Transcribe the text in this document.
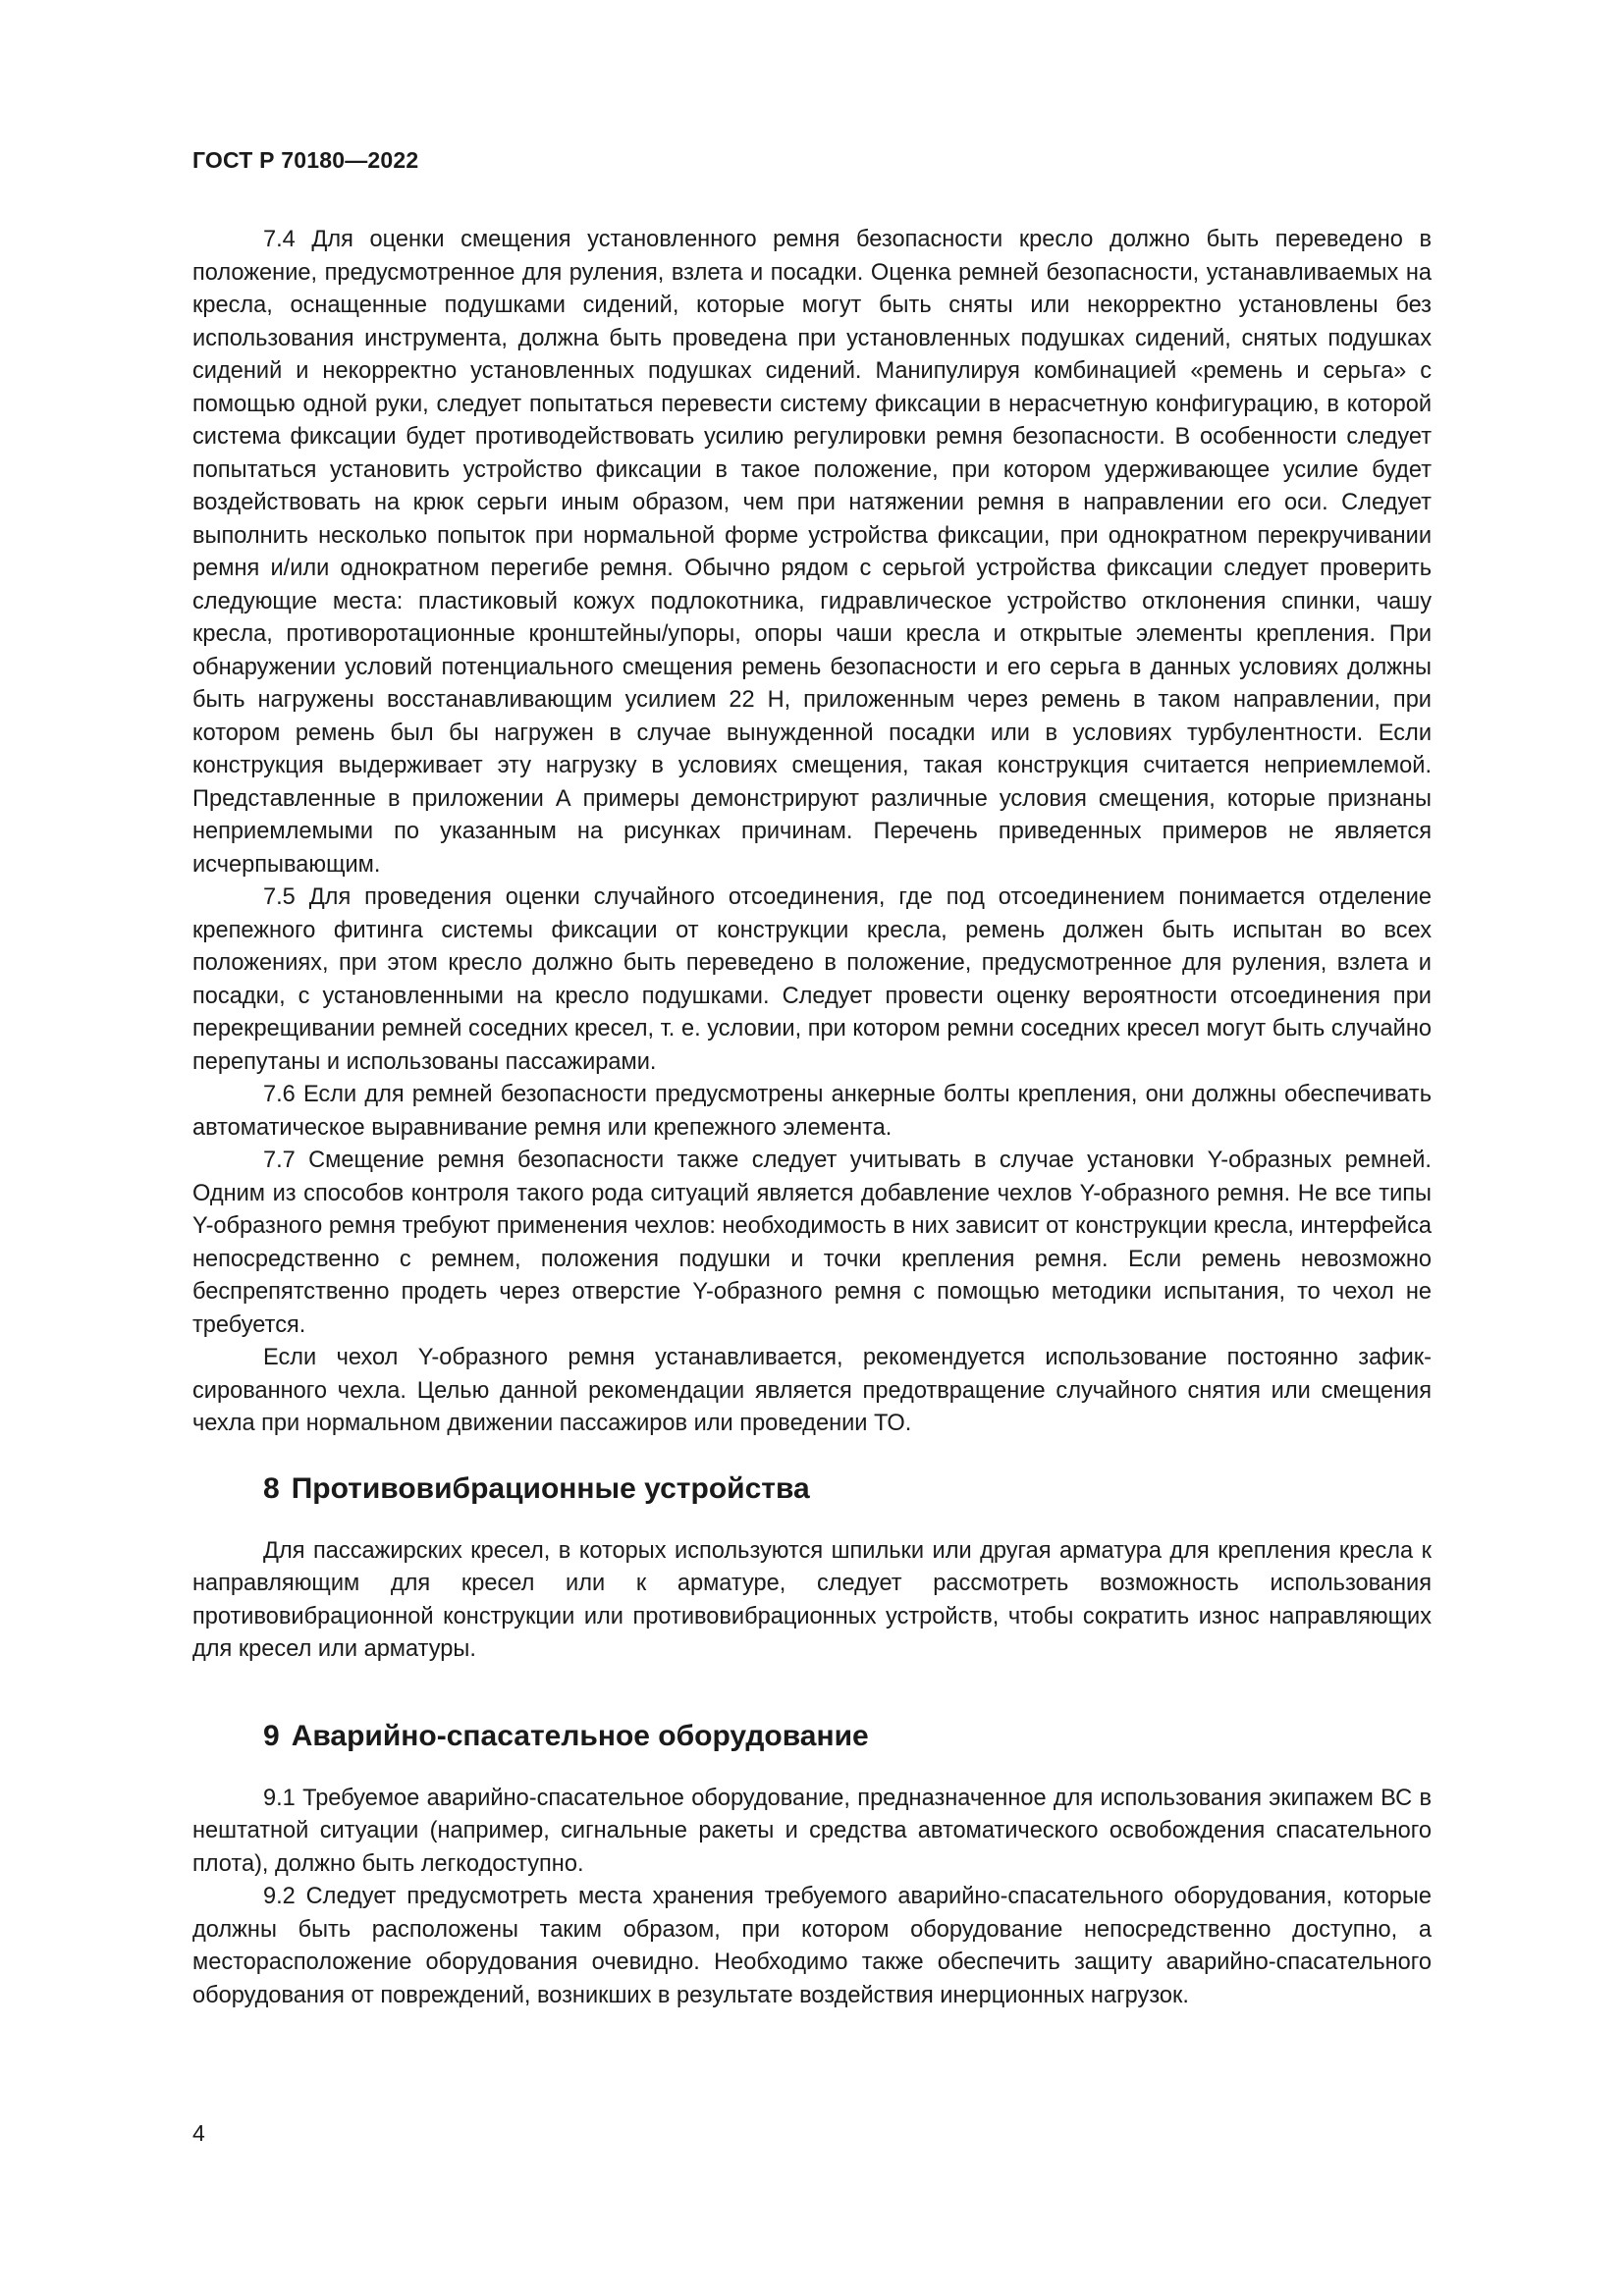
ГОСТ Р 70180—2022

7.4 Для оценки смещения установленного ремня безопасности кресло должно быть переведено в положение, предусмотренное для руления, взлета и посадки. Оценка ремней безопасности, устанавливаемых на кресла, оснащенные подушками сидений, которые могут быть сняты или некорректно установлены без использования инструмента, должна быть проведена при установленных подушках сидений, снятых подушках сидений и некорректно установленных подушках сидений. Манипулируя комбинацией «ремень и серьга» с помощью одной руки, следует попытаться перевести систему фиксации в нерасчетную конфигурацию, в которой система фиксации будет противодействовать усилию регулировки ремня безопасности. В особенности следует попытаться установить устройство фиксации в такое положение, при котором удерживающее усилие будет воздействовать на крюк серьги иным образом, чем при натяжении ремня в направлении его оси. Следует выполнить несколько попыток при нормальной форме устройства фиксации, при однократном перекручивании ремня и/или однократном перегибе ремня. Обычно рядом с серьгой устройства фиксации следует проверить следующие места: пластиковый кожух подлокотника, гидравлическое устройство отклонения спинки, чашу кресла, противоротационные кронштейны/упоры, опоры чаши кресла и открытые элементы крепления. При обнаружении условий потенциального смещения ремень безопасности и его серьга в данных условиях должны быть нагружены восстанавливающим усилием 22 Н, приложенным через ремень в таком направлении, при котором ремень был бы нагружен в случае вынужденной посадки или в условиях турбулентности. Если конструкция выдерживает эту нагрузку в условиях смещения, такая конструкция считается неприемлемой. Представленные в приложении А примеры демонстрируют различные условия смещения, которые признаны неприемлемыми по указанным на рисунках причинам. Перечень приведенных примеров не является исчерпывающим.

7.5 Для проведения оценки случайного отсоединения, где под отсоединением понимается отделение крепежного фитинга системы фиксации от конструкции кресла, ремень должен быть испытан во всех положениях, при этом кресло должно быть переведено в положение, предусмотренное для руления, взлета и посадки, с установленными на кресло подушками. Следует провести оценку вероятности отсоединения при перекрещивании ремней соседних кресел, т. е. условии, при котором ремни соседних кресел могут быть случайно перепутаны и использованы пассажирами.

7.6 Если для ремней безопасности предусмотрены анкерные болты крепления, они должны обеспечивать автоматическое выравнивание ремня или крепежного элемента.

7.7 Смещение ремня безопасности также следует учитывать в случае установки Y-образных ремней. Одним из способов контроля такого рода ситуаций является добавление чехлов Y-образного ремня. Не все типы Y-образного ремня требуют применения чехлов: необходимость в них зависит от конструкции кресла, интерфейса непосредственно с ремнем, положения подушки и точки крепления ремня. Если ремень невозможно беспрепятственно продеть через отверстие Y-образного ремня с помощью методики испытания, то чехол не требуется.

Если чехол Y-образного ремня устанавливается, рекомендуется использование постоянно зафиксированного чехла. Целью данной рекомендации является предотвращение случайного снятия или смещения чехла при нормальном движении пассажиров или проведении ТО.

8 Противовибрационные устройства

Для пассажирских кресел, в которых используются шпильки или другая арматура для крепления кресла к направляющим для кресел или к арматуре, следует рассмотреть возможность использования противовибрационной конструкции или противовибрационных устройств, чтобы сократить износ направляющих для кресел или арматуры.

9 Аварийно-спасательное оборудование

9.1 Требуемое аварийно-спасательное оборудование, предназначенное для использования экипажем ВС в нештатной ситуации (например, сигнальные ракеты и средства автоматического освобождения спасательного плота), должно быть легкодоступно.

9.2 Следует предусмотреть места хранения требуемого аварийно-спасательного оборудования, которые должны быть расположены таким образом, при котором оборудование непосредственно доступно, а месторасположение оборудования очевидно. Необходимо также обеспечить защиту аварийно-спасательного оборудования от повреждений, возникших в результате воздействия инерционных нагрузок.

4
